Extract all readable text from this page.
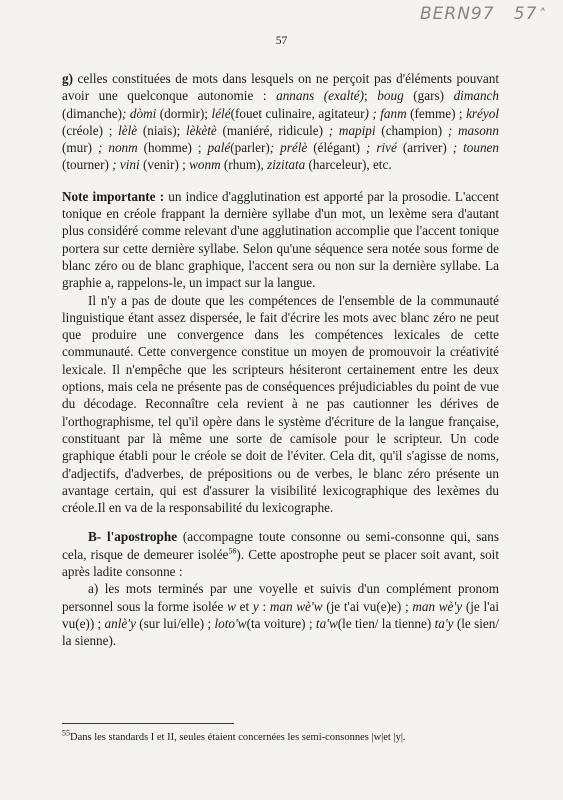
BERN97 57˄
57

g) celles constituées de mots dans lesquels on ne perçoit pas d'éléments pouvant avoir une quelconque autonomie : annans (exalté); boug (gars) dimanch (dimanche); dòmi (dormir); lélé(fouet culinaire, agitateur) ; fanm (femme) ; kréyol (créole) ; lèlè (niais); lèkètè (maniéré, ridicule) ; mapipi (champion) ; masonn (mur) ; nonm (homme) ; palé(parler); prélè (élégant) ; rivé (arriver) ; tounen (tourner) ; vini (venir) ; wonm (rhum), zizitata (harceleur), etc.

Note importante : un indice d'agglutination est apporté par la prosodie. L'accent tonique en créole frappant la dernière syllabe d'un mot, un lexème sera d'autant plus considéré comme relevant d'une agglutination accomplie que l'accent tonique portera sur cette dernière syllabe. Selon qu'une séquence sera notée sous forme de blanc zéro ou de blanc graphique, l'accent sera ou non sur la dernière syllabe. La graphie a, rappelons-le, un impact sur la langue.

Il n'y a pas de doute que les compétences de l'ensemble de la communauté linguistique étant assez dispersée, le fait d'écrire les mots avec blanc zéro ne peut que produire une convergence dans les compétences lexicales de cette communauté. Cette convergence constitue un moyen de promouvoir la créativité lexicale. Il n'empêche que les scripteurs hésiteront certainement entre les deux options, mais cela ne présente pas de conséquences préjudiciables du point de vue du décodage. Reconnaître cela revient à ne pas cautionner les dérives de l'orthographisme, tel qu'il opère dans le système d'écriture de la langue française, constituant par là même une sorte de camisole pour le scripteur. Un code graphique établi pour le créole se doit de l'éviter. Cela dit, qu'il s'agisse de noms, d'adjectifs, d'adverbes, de prépositions ou de verbes, le blanc zéro présente un avantage certain, qui est d'assurer la visibilité lexicographique des lexèmes du créole.Il en va de la responsabilité du lexicographe.

B- l'apostrophe (accompagne toute consonne ou semi-consonne qui, sans cela, risque de demeurer isolée$^{56}$). Cette apostrophe peut se placer soit avant, soit après ladite consonne :

a) les mots terminés par une voyelle et suivis d'un complément pronom personnel sous la forme isolée w et y : man wè'w (je t'ai vu(e)e) ; man wè'y (je l'ai vu(e)) ; anlè'y (sur lui/elle) ; loto'w(ta voiture) ; ta'w(le tien/ la tienne) ta'y (le sien/ la sienne).

$^{55}$Dans les standards I et II, seules étaient concernées les semi-consonnes |w|et |y|.
